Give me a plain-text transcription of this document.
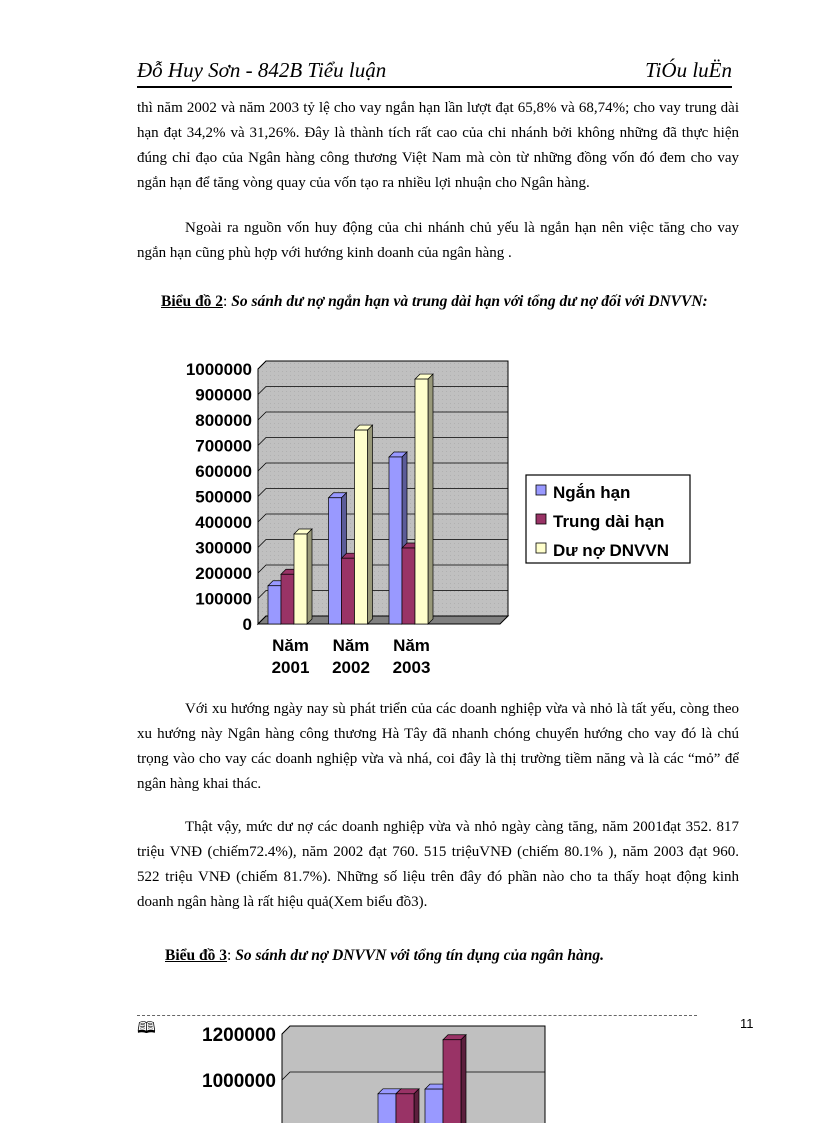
Đỗ Huy Sơn - 842B Tiểu luận	TiÓu luËn
thì năm 2002 và năm 2003 tỷ lệ cho vay ngắn hạn lần lượt đạt 65,8% và 68,74%; cho vay trung dài hạn đạt 34,2% và 31,26%. Đây là thành tích rất cao của chi nhánh bởi không những đã thực hiện đúng chỉ đạo của Ngân hàng công thương Việt Nam mà còn từ những đồng vốn đó đem cho vay ngắn hạn để tăng vòng quay của vốn tạo ra nhiều lợi nhuận cho Ngân hàng.
Ngoài ra nguồn vốn huy động của chi nhánh chủ yếu là ngắn hạn nên việc tăng cho vay ngắn hạn cũng phù hợp với hướng kinh doanh của ngân hàng .
Biểu đồ 2: So sánh dư nợ ngắn hạn và trung dài hạn với tổng dư nợ đối với DNVVN:
0
100000
200000
300000
400000
500000
600000
700000
800000
900000
1000000
Năm
2001
Năm
2002
Năm
2003
Ngắn hạn
Trung dài hạn
Dư nợ DNVVN
Với xu hướng ngày nay sù phát triển của các doanh nghiệp vừa và nhỏ là tất yếu, còng theo xu hướng này Ngân hàng công thương Hà Tây đã nhanh chóng chuyển hướng cho vay đó là chú trọng vào cho vay các doanh nghiệp vừa và nhá, coi đây là thị trường tiềm năng và là các “mỏ” để ngân hàng khai thác.
Thật vậy, mức dư nợ các doanh nghiệp vừa và nhỏ ngày càng tăng, năm 2001đạt 352. 817 triệu VNĐ (chiếm72.4%), năm 2002 đạt 760. 515 triệuVNĐ (chiếm 80.1% ), năm 2003 đạt 960. 522 triệu VNĐ (chiếm 81.7%). Những số liệu trên đây đó phần nào cho ta thấy hoạt động kinh doanh ngân hàng là rất hiệu quả(Xem biểu đồ3).
Biểu đồ 3: So sánh dư nợ DNVVN với tổng tín dụng của ngân hàng.
🕮	11
1000000
1200000
